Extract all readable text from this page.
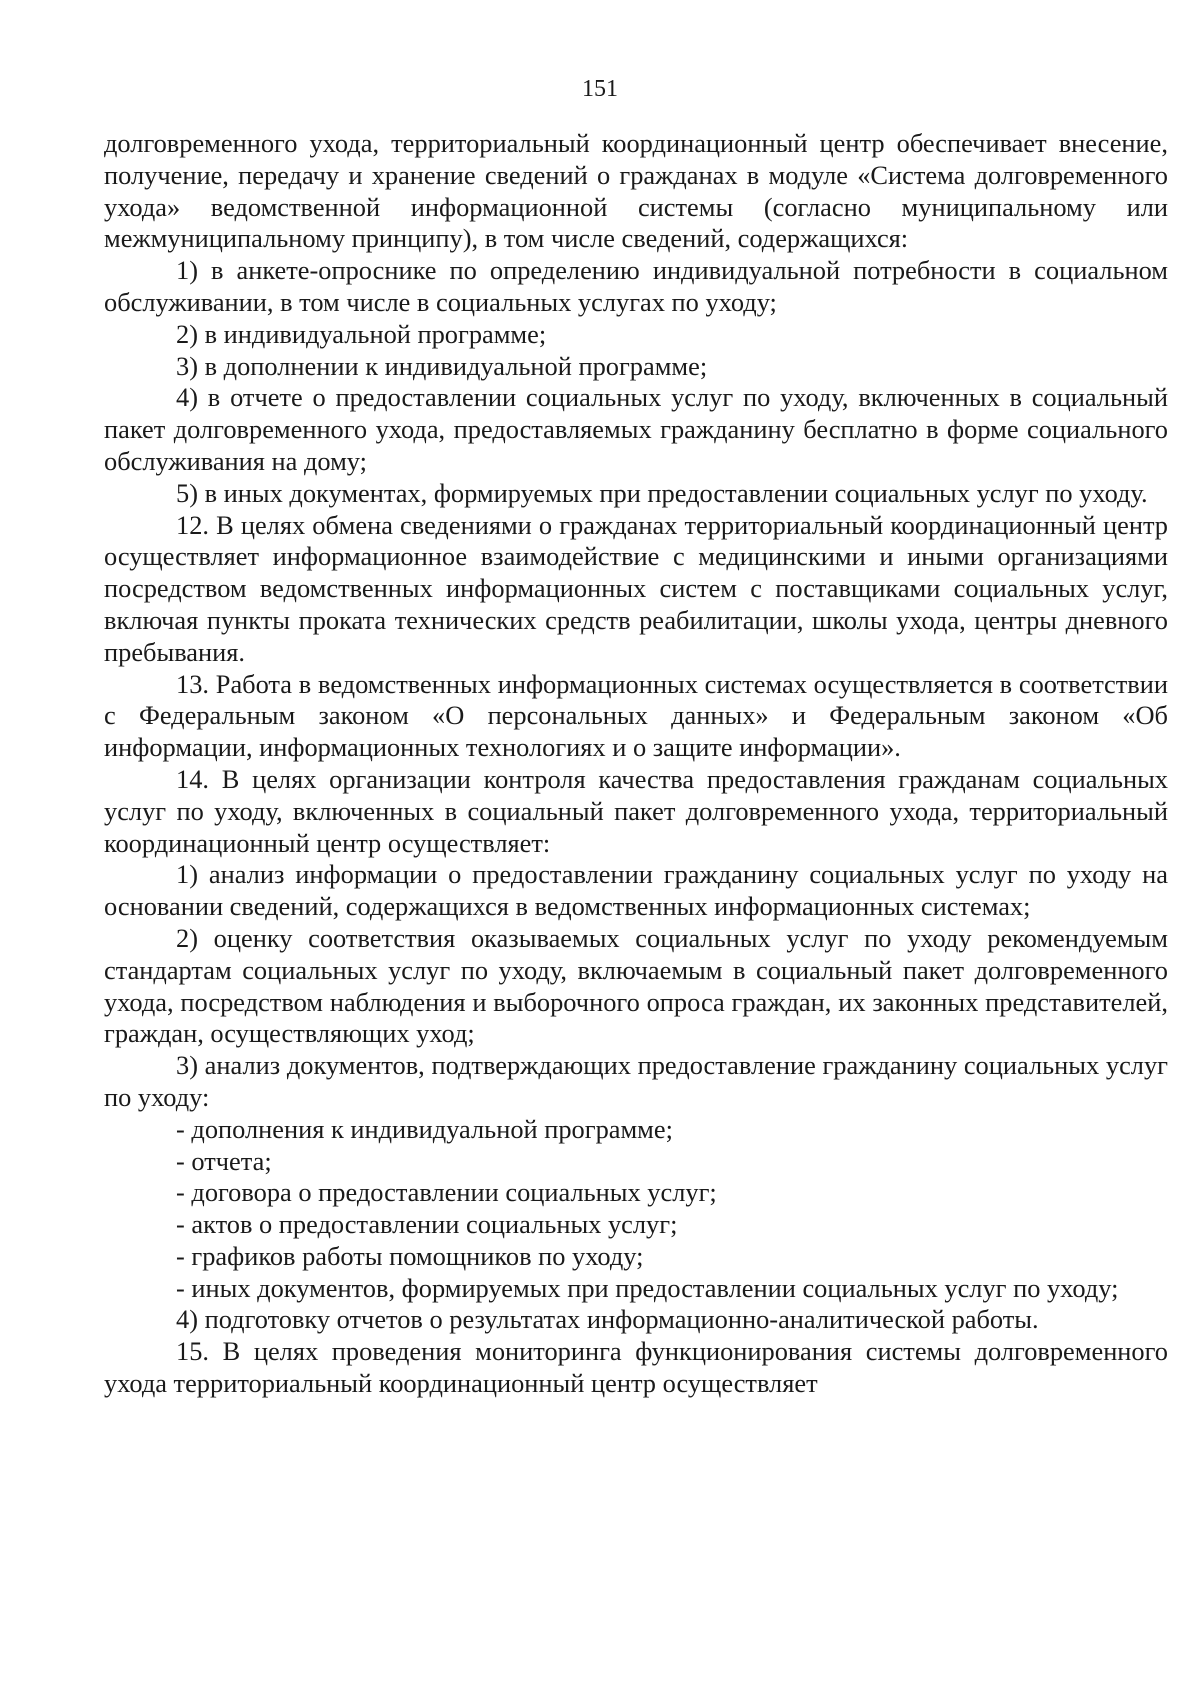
151

долговременного ухода, территориальный координационный центр обеспечивает внесение, получение, передачу и хранение сведений о гражданах в модуле «Система долговременного ухода» ведомственной информационной системы (согласно муниципальному или межмуниципальному принципу), в том числе сведений, содержащихся:

1) в анкете-опроснике по определению индивидуальной потребности в социальном обслуживании, в том числе в социальных услугах по уходу;

2) в индивидуальной программе;

3) в дополнении к индивидуальной программе;

4) в отчете о предоставлении социальных услуг по уходу, включенных в социальный пакет долговременного ухода, предоставляемых гражданину бесплатно в форме социального обслуживания на дому;

5) в иных документах, формируемых при предоставлении социальных услуг по уходу.

12. В целях обмена сведениями о гражданах территориальный координационный центр осуществляет информационное взаимодействие с медицинскими и иными организациями посредством ведомственных информационных систем с поставщиками социальных услуг, включая пункты проката технических средств реабилитации, школы ухода, центры дневного пребывания.

13. Работа в ведомственных информационных системах осуществляется в соответствии с Федеральным законом «О персональных данных» и Федеральным законом «Об информации, информационных технологиях и о защите информации».

14. В целях организации контроля качества предоставления гражданам социальных услуг по уходу, включенных в социальный пакет долговременного ухода, территориальный координационный центр осуществляет:

1) анализ информации о предоставлении гражданину социальных услуг по уходу на основании сведений, содержащихся в ведомственных информационных системах;

2) оценку соответствия оказываемых социальных услуг по уходу рекомендуемым стандартам социальных услуг по уходу, включаемым в социальный пакет долговременного ухода, посредством наблюдения и выборочного опроса граждан, их законных представителей, граждан, осуществляющих уход;

3) анализ документов, подтверждающих предоставление гражданину социальных услуг по уходу:

- дополнения к индивидуальной программе;

- отчета;

- договора о предоставлении социальных услуг;

- актов о предоставлении социальных услуг;

- графиков работы помощников по уходу;

- иных документов, формируемых при предоставлении социальных услуг по уходу;

4) подготовку отчетов о результатах информационно-аналитической работы.

15. В целях проведения мониторинга функционирования системы долговременного ухода территориальный координационный центр осуществляет
